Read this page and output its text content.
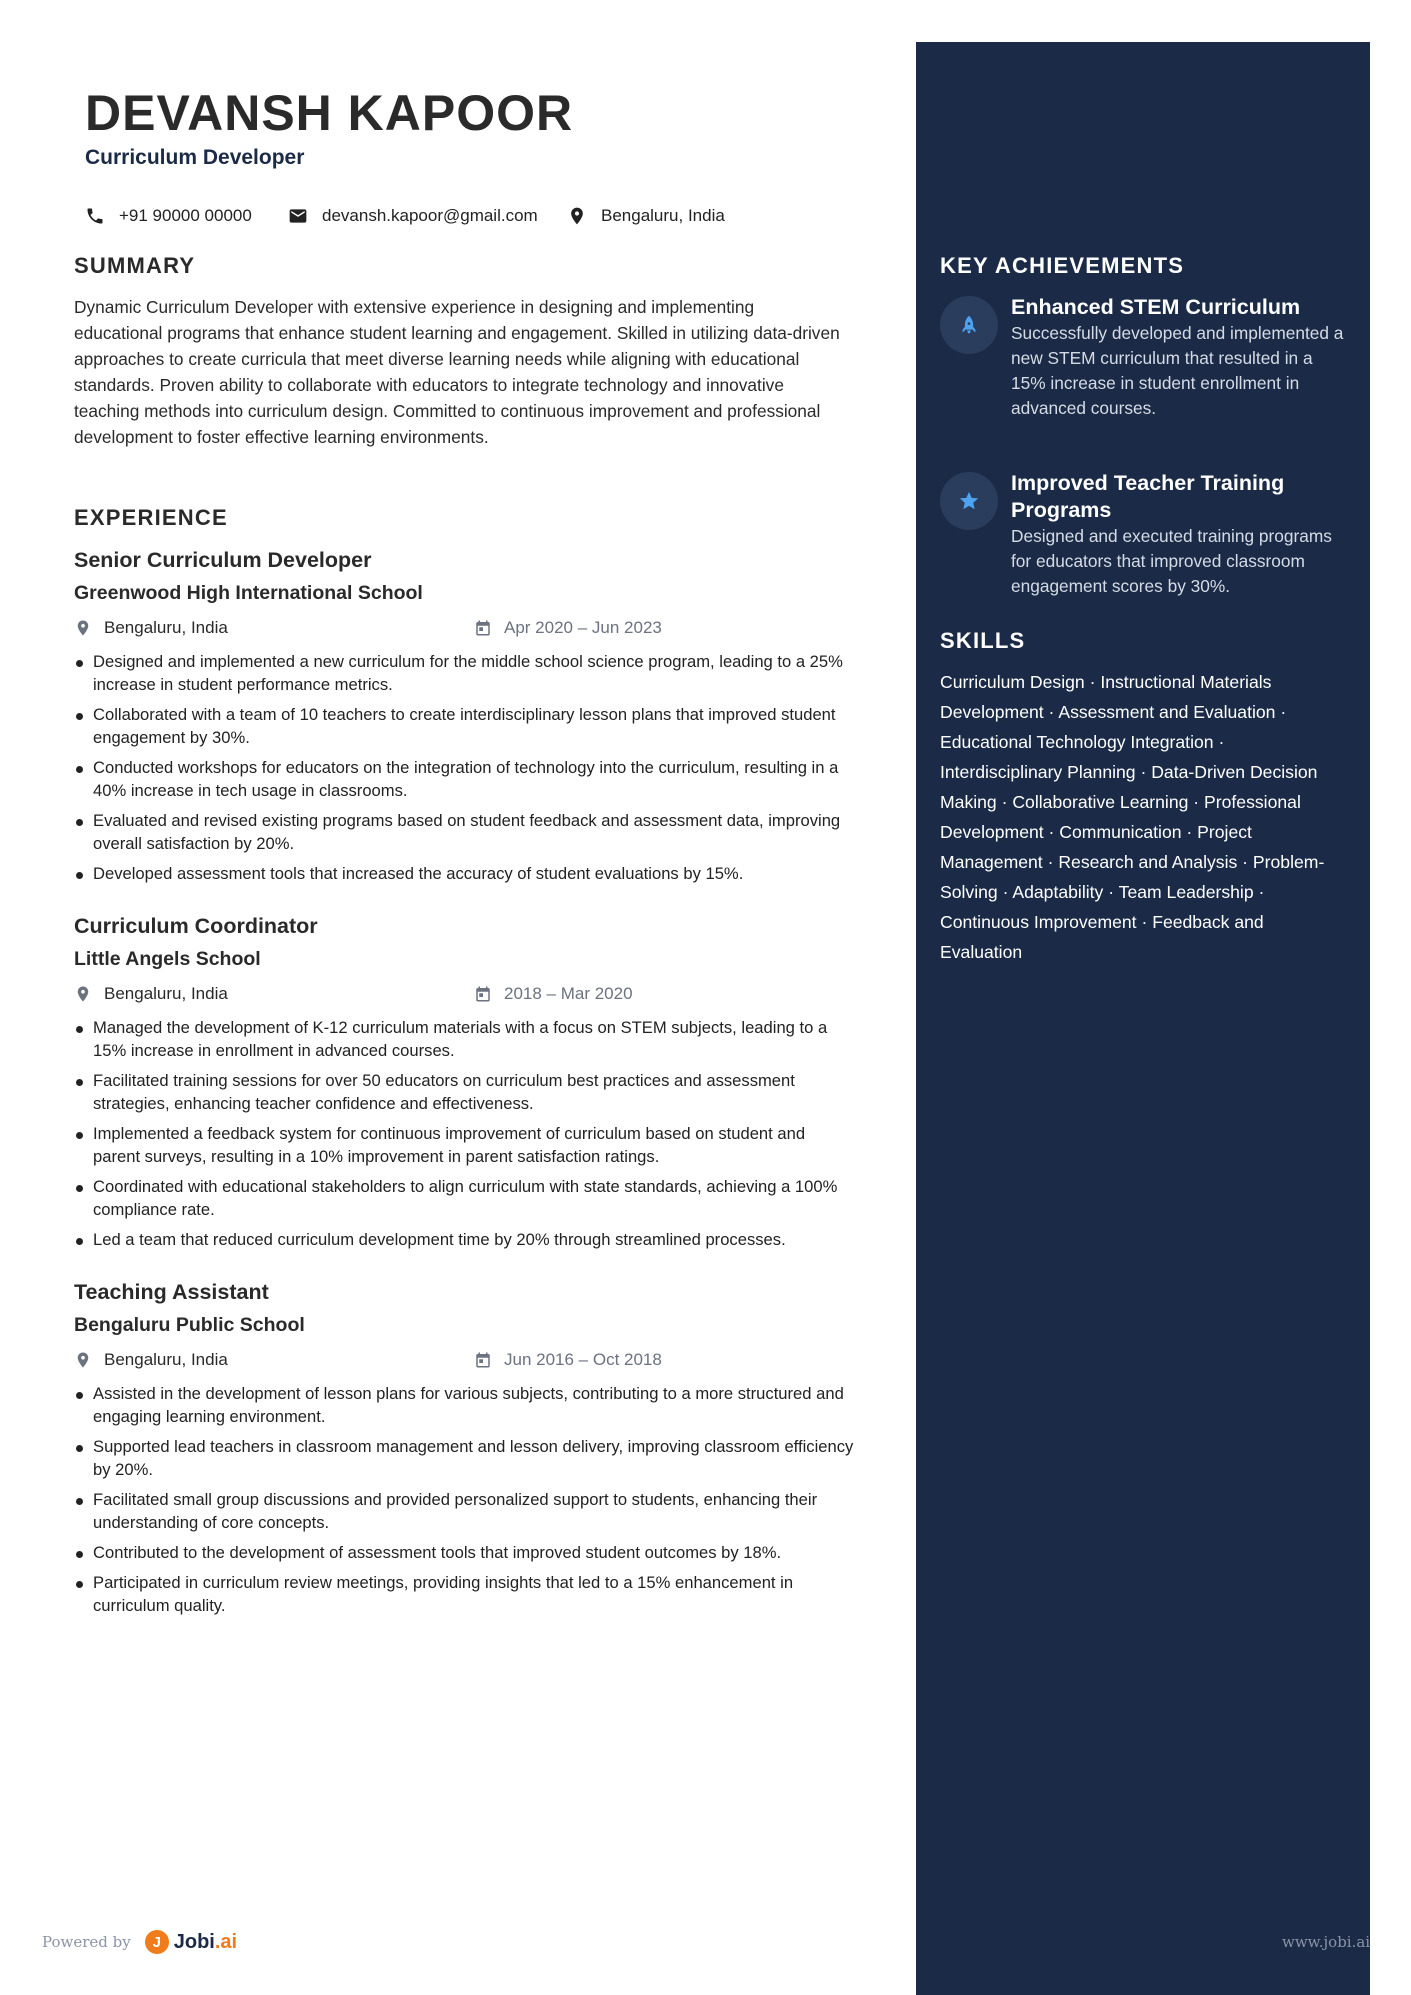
DEVANSH KAPOOR
Curriculum Developer
+91 90000 00000	devansh.kapoor@gmail.com	Bengaluru, India
SUMMARY

Dynamic Curriculum Developer with extensive experience in designing and implementing educational programs that enhance student learning and engagement. Skilled in utilizing data-driven approaches to create curricula that meet diverse learning needs while aligning with educational standards. Proven ability to collaborate with educators to integrate technology and innovative teaching methods into curriculum design. Committed to continuous improvement and professional development to foster effective learning environments.

EXPERIENCE
Senior Curriculum Developer
Greenwood High International School
Bengaluru, India	Apr 2020 – Jun 2023
Designed and implemented a new curriculum for the middle school science program, leading to a 25% increase in student performance metrics.
Collaborated with a team of 10 teachers to create interdisciplinary lesson plans that improved student engagement by 30%.
Conducted workshops for educators on the integration of technology into the curriculum, resulting in a 40% increase in tech usage in classrooms.
Evaluated and revised existing programs based on student feedback and assessment data, improving overall satisfaction by 20%.
Developed assessment tools that increased the accuracy of student evaluations by 15%.
Curriculum Coordinator
Little Angels School
Bengaluru, India	2018 – Mar 2020
Managed the development of K-12 curriculum materials with a focus on STEM subjects, leading to a 15% increase in enrollment in advanced courses.
Facilitated training sessions for over 50 educators on curriculum best practices and assessment strategies, enhancing teacher confidence and effectiveness.
Implemented a feedback system for continuous improvement of curriculum based on student and parent surveys, resulting in a 10% improvement in parent satisfaction ratings.
Coordinated with educational stakeholders to align curriculum with state standards, achieving a 100% compliance rate.
Led a team that reduced curriculum development time by 20% through streamlined processes.
Teaching Assistant
Bengaluru Public School
Bengaluru, India	Jun 2016 – Oct 2018
Assisted in the development of lesson plans for various subjects, contributing to a more structured and engaging learning environment.
Supported lead teachers in classroom management and lesson delivery, improving classroom efficiency by 20%.
Facilitated small group discussions and provided personalized support to students, enhancing their understanding of core concepts.
Contributed to the development of assessment tools that improved student outcomes by 18%.
Participated in curriculum review meetings, providing insights that led to a 15% enhancement in curriculum quality.
KEY ACHIEVEMENTS
Enhanced STEM Curriculum
Successfully developed and implemented a new STEM curriculum that resulted in a 15% increase in student enrollment in advanced courses.
Improved Teacher Training Programs
Designed and executed training programs for educators that improved classroom engagement scores by 30%.
SKILLS
Curriculum Design · Instructional Materials Development · Assessment and Evaluation · Educational Technology Integration · Interdisciplinary Planning · Data-Driven Decision Making · Collaborative Learning · Professional Development · Communication · Project Management · Research and Analysis · Problem-Solving · Adaptability · Team Leadership · Continuous Improvement · Feedback and Evaluation
Powered by	J Jobi .ai	www.jobi.ai
